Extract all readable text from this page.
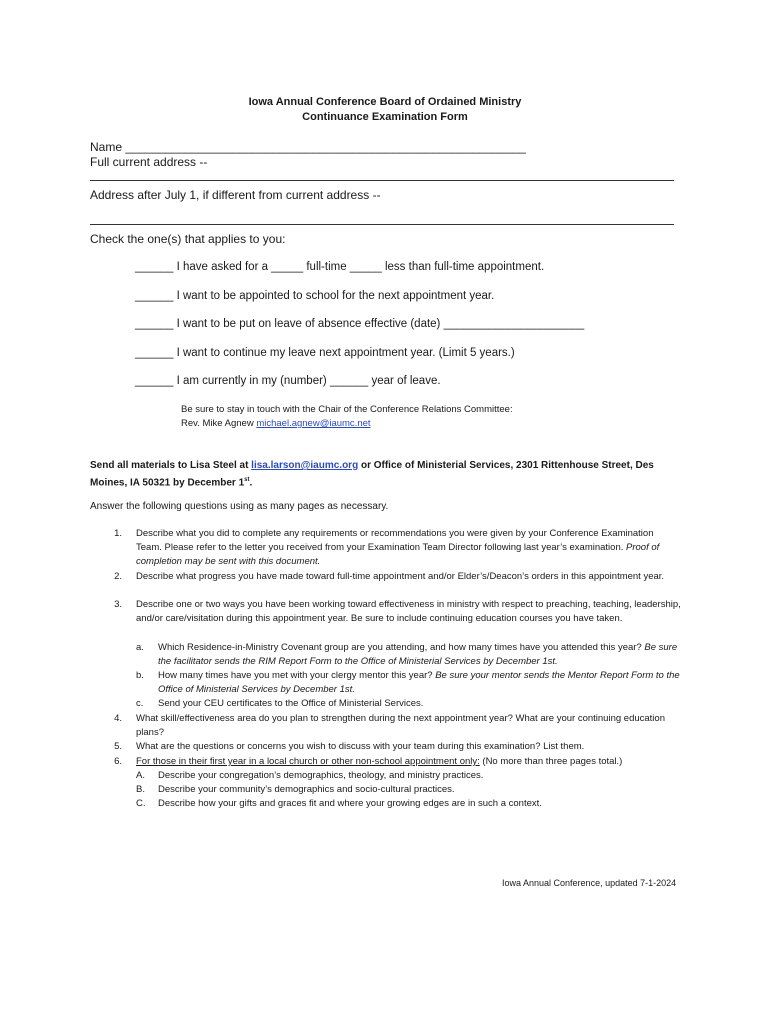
Iowa Annual Conference Board of Ordained Ministry
Continuance Examination Form
Name ____________________________________________________________
Full current address --
Address after July 1, if different from current address --
Check the one(s) that applies to you:
______ I have asked for a _____ full-time _____ less than full-time appointment.
______ I want to be appointed to school for the next appointment year.
______ I want to be put on leave of absence effective (date) ______________________
______ I want to continue my leave next appointment year. (Limit 5 years.)
______ I am currently in my (number) ______ year of leave.
Be sure to stay in touch with the Chair of the Conference Relations Committee:
Rev. Mike Agnew michael.agnew@iaumc.net
Send all materials to Lisa Steel at lisa.larson@iaumc.org or Office of Ministerial Services, 2301 Rittenhouse Street, Des Moines, IA 50321 by December 1st.
Answer the following questions using as many pages as necessary.
1. Describe what you did to complete any requirements or recommendations you were given by your Conference Examination Team. Please refer to the letter you received from your Examination Team Director following last year’s examination. Proof of completion may be sent with this document.
2. Describe what progress you have made toward full-time appointment and/or Elder’s/Deacon’s orders in this appointment year.
3. Describe one or two ways you have been working toward effectiveness in ministry with respect to preaching, teaching, leadership, and/or care/visitation during this appointment year. Be sure to include continuing education courses you have taken.
a. Which Residence-in-Ministry Covenant group are you attending, and how many times have you attended this year? Be sure the facilitator sends the RIM Report Form to the Office of Ministerial Services by December 1st.
b. How many times have you met with your clergy mentor this year? Be sure your mentor sends the Mentor Report Form to the Office of Ministerial Services by December 1st.
c. Send your CEU certificates to the Office of Ministerial Services.
4. What skill/effectiveness area do you plan to strengthen during the next appointment year? What are your continuing education plans?
5. What are the questions or concerns you wish to discuss with your team during this examination? List them.
6. For those in their first year in a local church or other non-school appointment only: (No more than three pages total.)
A. Describe your congregation’s demographics, theology, and ministry practices.
B. Describe your community’s demographics and socio-cultural practices.
C. Describe how your gifts and graces fit and where your growing edges are in such a context.
Iowa Annual Conference, updated 7-1-2024
